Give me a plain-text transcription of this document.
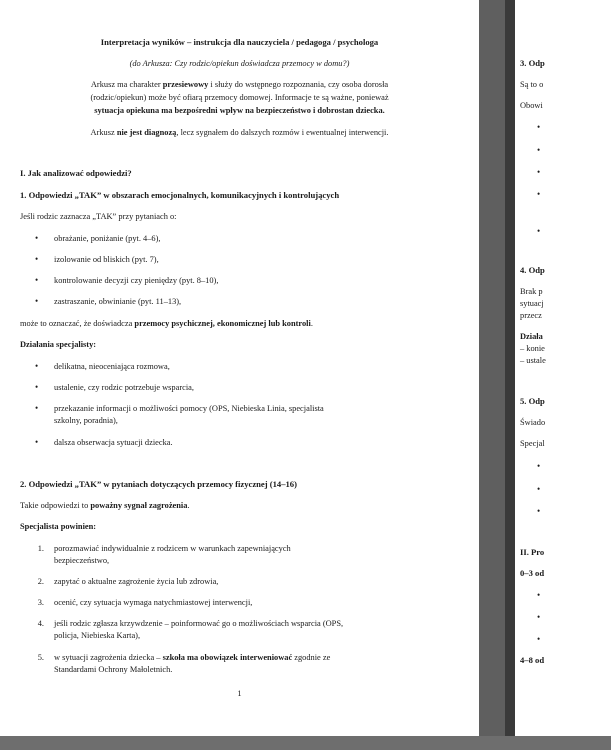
Interpretacja wyników – instrukcja dla nauczyciela / pedagoga / psychologa
(do Arkusza: Czy rodzic/opiekun doświadcza przemocy w domu?)
Arkusz ma charakter przesiewowy i służy do wstępnego rozpoznania, czy osoba dorosła
(rodzic/opiekun) może być ofiarą przemocy domowej. Informacje te są ważne, ponieważ
sytuacja opiekuna ma bezpośredni wpływ na bezpieczeństwo i dobrostan dziecka.
Arkusz nie jest diagnozą, lecz sygnałem do dalszych rozmów i ewentualnej interwencji.
I. Jak analizować odpowiedzi?
1. Odpowiedzi „TAK” w obszarach emocjonalnych, komunikacyjnych i kontrolujących
Jeśli rodzic zaznacza „TAK” przy pytaniach o:
• obrażanie, poniżanie (pyt. 4–6),
• izolowanie od bliskich (pyt. 7),
• kontrolowanie decyzji czy pieniędzy (pyt. 8–10),
• zastraszanie, obwinianie (pyt. 11–13),
może to oznaczać, że doświadcza przemocy psychicznej, ekonomicznej lub kontroli.
Działania specjalisty:
• delikatna, nieoceniająca rozmowa,
• ustalenie, czy rodzic potrzebuje wsparcia,
• przekazanie informacji o możliwości pomocy (OPS, Niebieska Linia, specjalista
szkolny, poradnia),
• dalsza obserwacja sytuacji dziecka.
2. Odpowiedzi „TAK” w pytaniach dotyczących przemocy fizycznej (14–16)
Takie odpowiedzi to poważny sygnał zagrożenia.
Specjalista powinien:
1. porozmawiać indywidualnie z rodzicem w warunkach zapewniających
bezpieczeństwo,
2. zapytać o aktualne zagrożenie życia lub zdrowia,
3. ocenić, czy sytuacja wymaga natychmiastowej interwencji,
4. jeśli rodzic zgłasza krzywdzenie – poinformować go o możliwościach wsparcia (OPS,
policja, Niebieska Karta),
5. w sytuacji zagrożenia dziecka – szkoła ma obowiązek interweniować zgodnie ze
Standardami Ochrony Małoletnich.
1
3. Odp
Są to o
Obowi
•
•
•
•
•
4. Odp
Brak p
sytuacj
przecz
Działa
– konie
– ustale
5. Odp
Świado
Specjal
•
•
•
II. Pro
0–3 od
•
•
•
4–8 od
